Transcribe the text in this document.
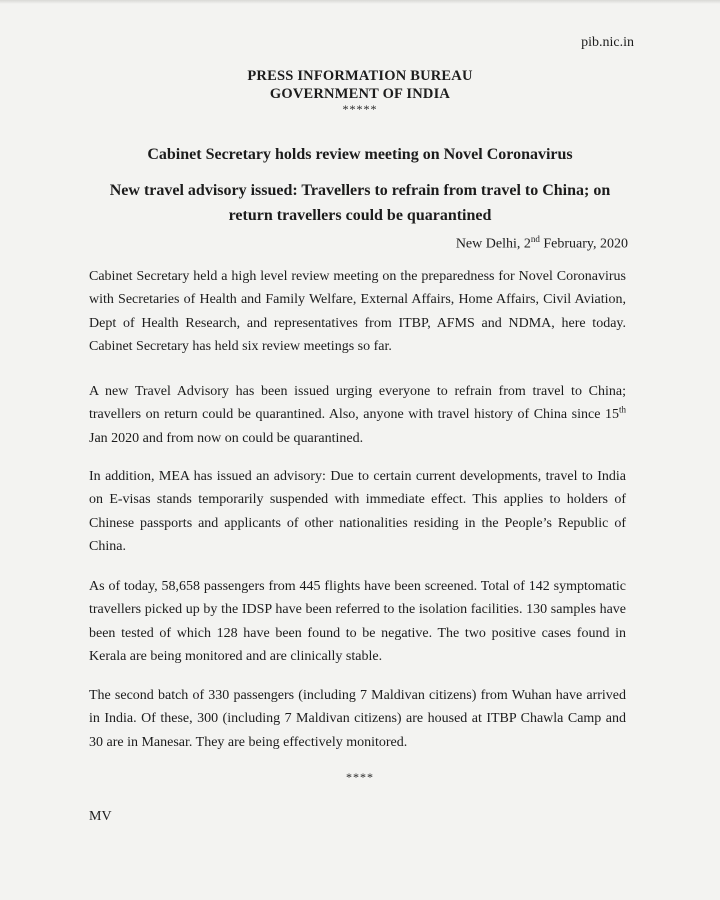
pib.nic.in
PRESS INFORMATION BUREAU
GOVERNMENT OF INDIA
*****
Cabinet Secretary holds review meeting on Novel Coronavirus
New travel advisory issued: Travellers to refrain from travel to China; on
return travellers could be quarantined
New Delhi, 2nd February, 2020

Cabinet Secretary held a high level review meeting on the preparedness for Novel Coronavirus with Secretaries of Health and Family Welfare, External Affairs, Home Affairs, Civil Aviation, Dept of Health Research, and representatives from ITBP, AFMS and NDMA, here today. Cabinet Secretary has held six review meetings so far.

A new Travel Advisory has been issued urging everyone to refrain from travel to China; travellers on return could be quarantined. Also, anyone with travel history of China since 15th Jan 2020 and from now on could be quarantined.

In addition, MEA has issued an advisory: Due to certain current developments, travel to India on E-visas stands temporarily suspended with immediate effect. This applies to holders of Chinese passports and applicants of other nationalities residing in the People’s Republic of China.

As of today, 58,658 passengers from 445 flights have been screened. Total of 142 symptomatic travellers picked up by the IDSP have been referred to the isolation facilities. 130 samples have been tested of which 128 have been found to be negative. The two positive cases found in Kerala are being monitored and are clinically stable.

The second batch of 330 passengers (including 7 Maldivan citizens) from Wuhan have arrived in India. Of these, 300 (including 7 Maldivan citizens) are housed at ITBP Chawla Camp and 30 are in Manesar. They are being effectively monitored.

****
MV
